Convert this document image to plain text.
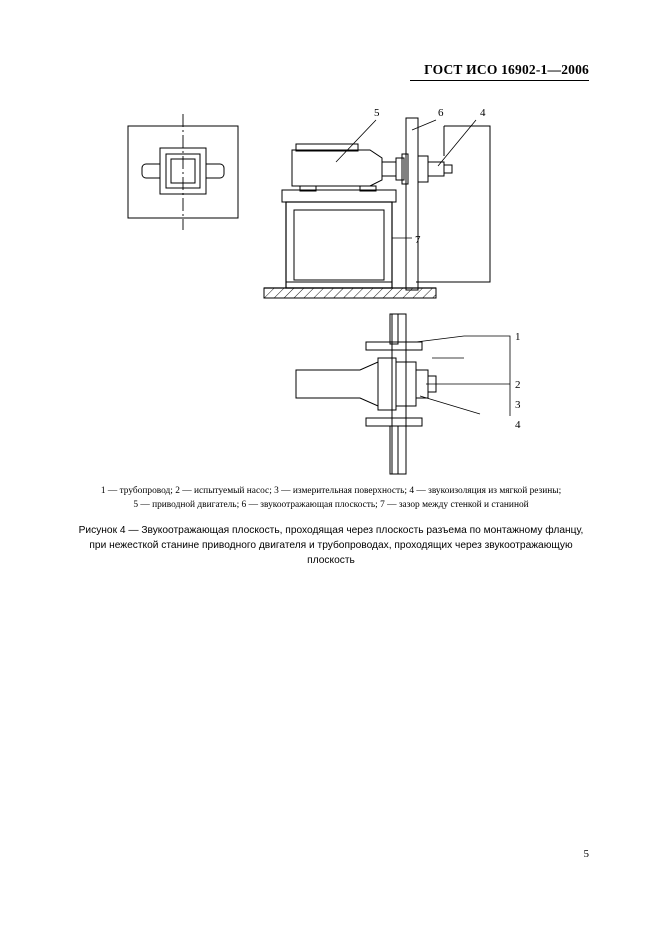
ГОСТ ИСО 16902-1—2006
5	6	4
7
1
2
3
4
1 — трубопровод; 2 — испытуемый насос; 3 — измерительная поверхность; 4 — звукоизоляция из мягкой резины;
5 — приводной двигатель; 6 — звукоотражающая плоскость; 7 — зазор между стенкой и станиной
Рисунок 4 — Звукоотражающая плоскость, проходящая через плоскость разъема по монтажному фланцу,
при нежесткой станине приводного двигателя и трубопроводах, проходящих через звукоотражающую
плоскость
5
